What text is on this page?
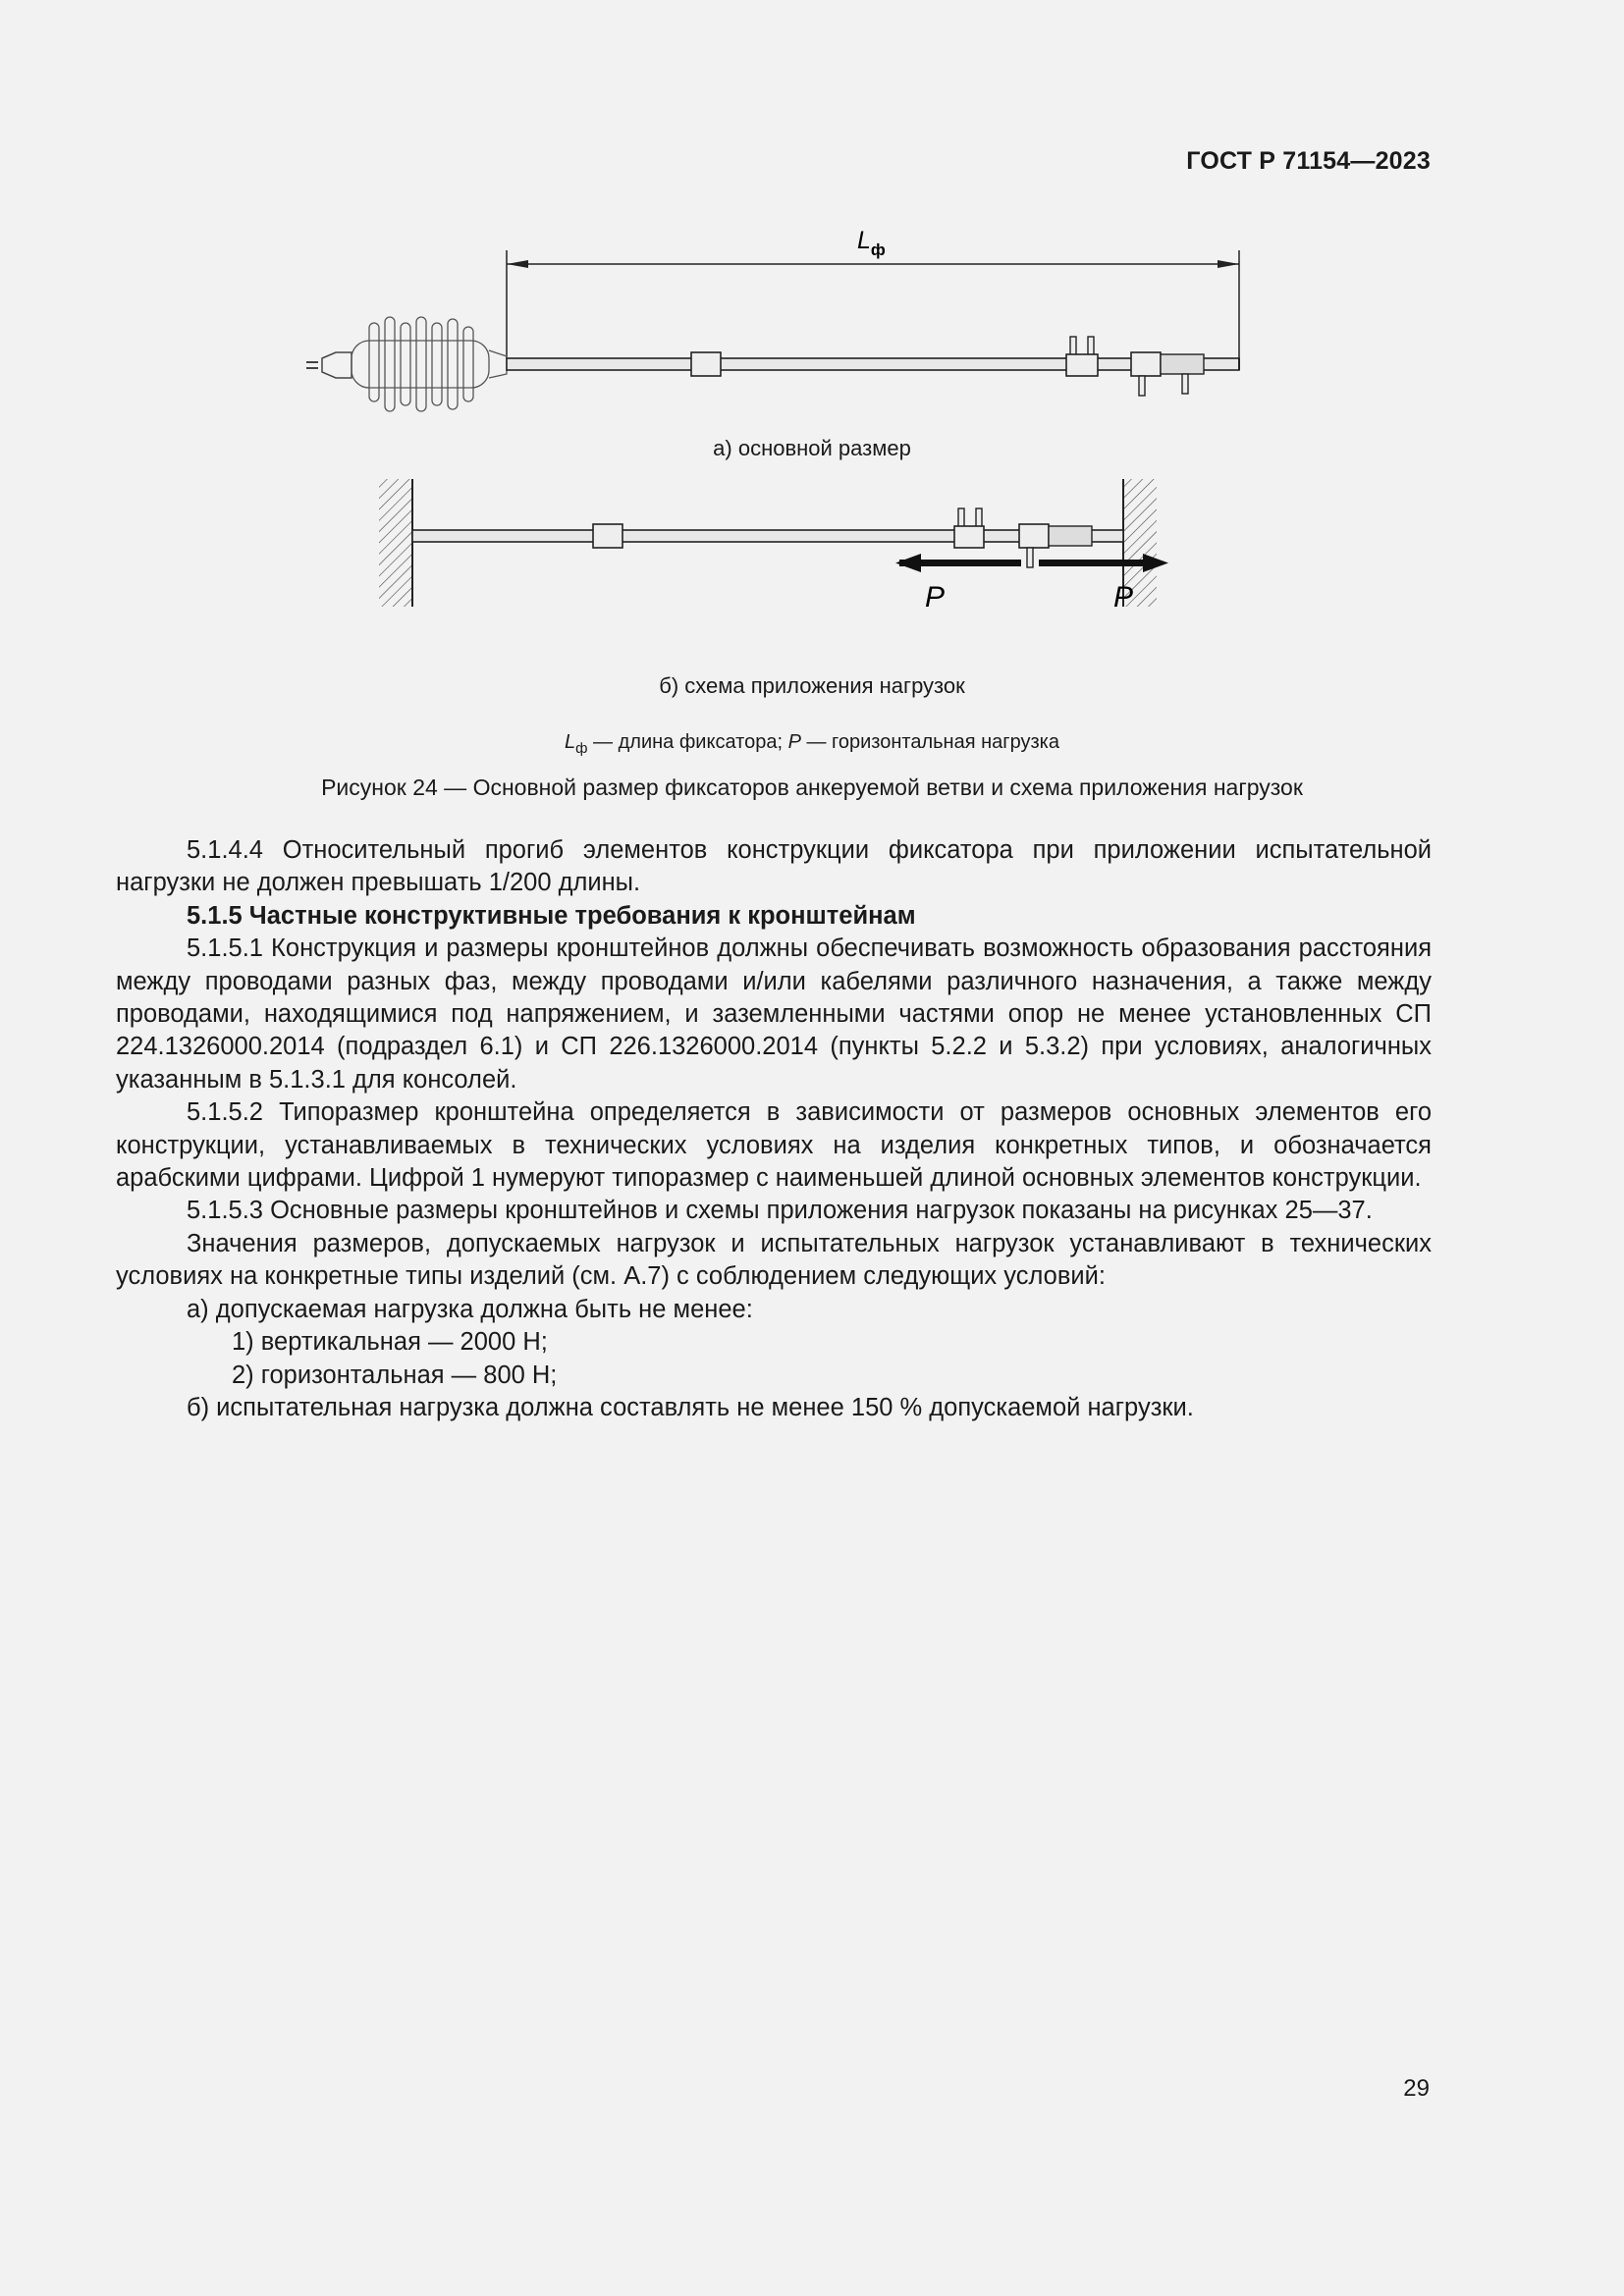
ГОСТ Р 71154—2023
$L_ф$
а) основной размер
P	P
б) схема приложения нагрузок
$L_ф$ — длина фиксатора; P — горизонтальная нагрузка
Рисунок 24 — Основной размер фиксаторов анкеруемой ветви и схема приложения нагрузок

5.1.4.4 Относительный прогиб элементов конструкции фиксатора при приложении испытательной нагрузки не должен превышать 1/200 длины.

5.1.5 Частные конструктивные требования к кронштейнам

5.1.5.1 Конструкция и размеры кронштейнов должны обеспечивать возможность образования расстояния между проводами разных фаз, между проводами и/или кабелями различного назначения, а также между проводами, находящимися под напряжением, и заземленными частями опор не менее установленных СП 224.1326000.2014 (подраздел 6.1) и СП 226.1326000.2014 (пункты 5.2.2 и 5.3.2) при условиях, аналогичных указанным в 5.1.3.1 для консолей.

5.1.5.2 Типоразмер кронштейна определяется в зависимости от размеров основных элементов его конструкции, устанавливаемых в технических условиях на изделия конкретных типов, и обозначается арабскими цифрами. Цифрой 1 нумеруют типоразмер с наименьшей длиной основных элементов конструкции.

5.1.5.3 Основные размеры кронштейнов и схемы приложения нагрузок показаны на рисунках 25—37.

Значения размеров, допускаемых нагрузок и испытательных нагрузок устанавливают в технических условиях на конкретные типы изделий (см. А.7) с соблюдением следующих условий:

а) допускаемая нагрузка должна быть не менее:

1) вертикальная — 2000 Н;

2) горизонтальная — 800 Н;

б) испытательная нагрузка должна составлять не менее 150 % допускаемой нагрузки.

29
